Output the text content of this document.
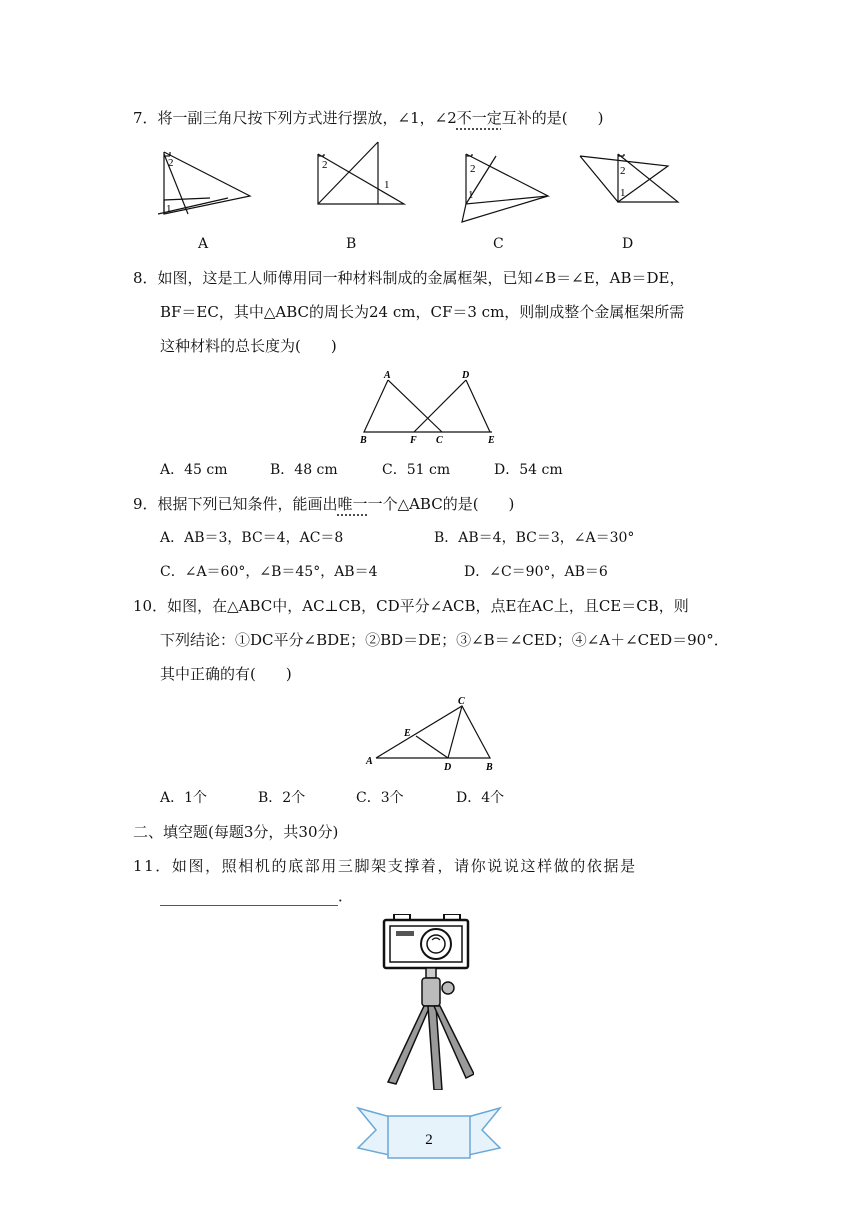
7．将一副三角尺按下列方式进行摆放，∠1，∠2不一定互补的是(　　)
2
1
2
1
2
1
2
1
A	B	C	D
8．如图，这是工人师傅用同一种材料制成的金属框架，已知∠B＝∠E，AB＝DE，
BF＝EC，其中△ABC的周长为24 cm，CF＝3 cm，则制成整个金属框架所需
这种材料的总长度为(　　)
A	D
B	F C	E
A．45 cm	B．48 cm	C．51 cm	D．54 cm
9．根据下列已知条件，能画出唯一一个△ABC的是(　　)
A．AB＝3，BC＝4，AC＝8	B．AB＝4，BC＝3，∠A＝30°
C．∠A＝60°，∠B＝45°，AB＝4	D．∠C＝90°，AB＝6
10．如图，在△ABC中，AC⊥CB，CD平分∠ACB，点E在AC上，且CE＝CB，则
下列结论：①DC平分∠BDE；②BD＝DE；③∠B＝∠CED；④∠A＋∠CED＝90°．
其中正确的有(　　)
A
C
E
D	B
A．1个	B．2个	C．3个	D．4个
二、填空题(每题3分，共30分)
11．如图，照相机的底部用三脚架支撑着，请你说说这样做的依据是
．
2
